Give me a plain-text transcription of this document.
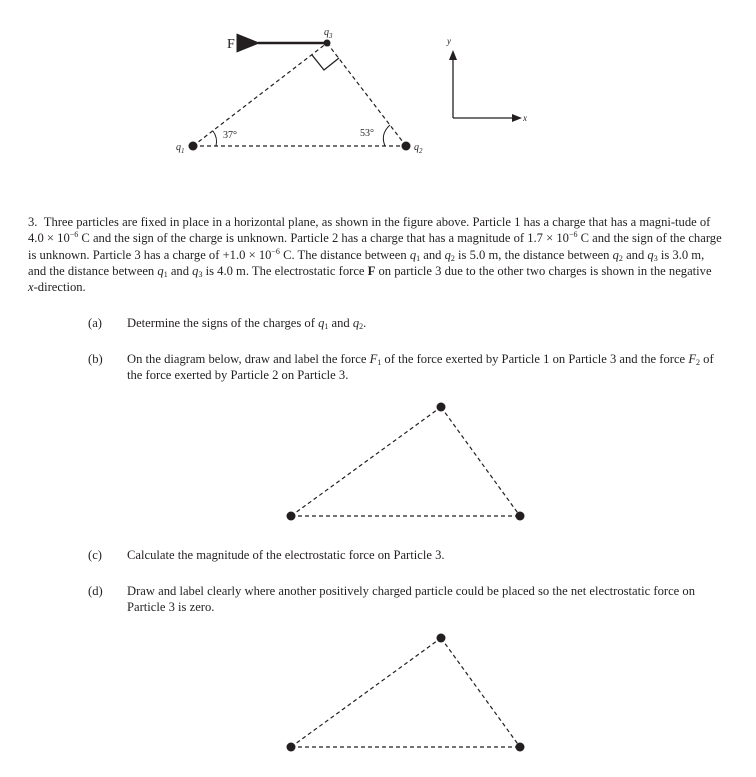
F
$q_3$
$q_1$	$q_2$
37°	53°
y
x

3. Three particles are fixed in place in a horizontal plane, as shown in the figure above. Particle 1 has a charge that has a magni-tude of $4.0 \times 10^{-6}$ C and the sign of the charge is unknown. Particle 2 has a charge that has a magnitude of $1.7 \times 10^{-6}$ C and the sign of the charge is unknown. Particle 3 has a charge of $+1.0 \times 10^{-6}$ C. The distance between $q_1$ and $q_2$ is 5.0 m, the distance between $q_2$ and $q_3$ is 3.0 m, and the distance between $q_1$ and $q_3$ is 4.0 m. The electrostatic force F on particle 3 due to the other two charges is shown in the negative x-direction.

(a) Determine the signs of the charges of $q_1$ and $q_2$.
(b) On the diagram below, draw and label the force $F_1$ of the force exerted by Particle 1 on Particle 3 and the force $F_2$ of the force exerted by Particle 2 on Particle 3.
(c) Calculate the magnitude of the electrostatic force on Particle 3.
(d) Draw and label clearly where another positively charged particle could be placed so the net electrostatic force on Particle 3 is zero.
